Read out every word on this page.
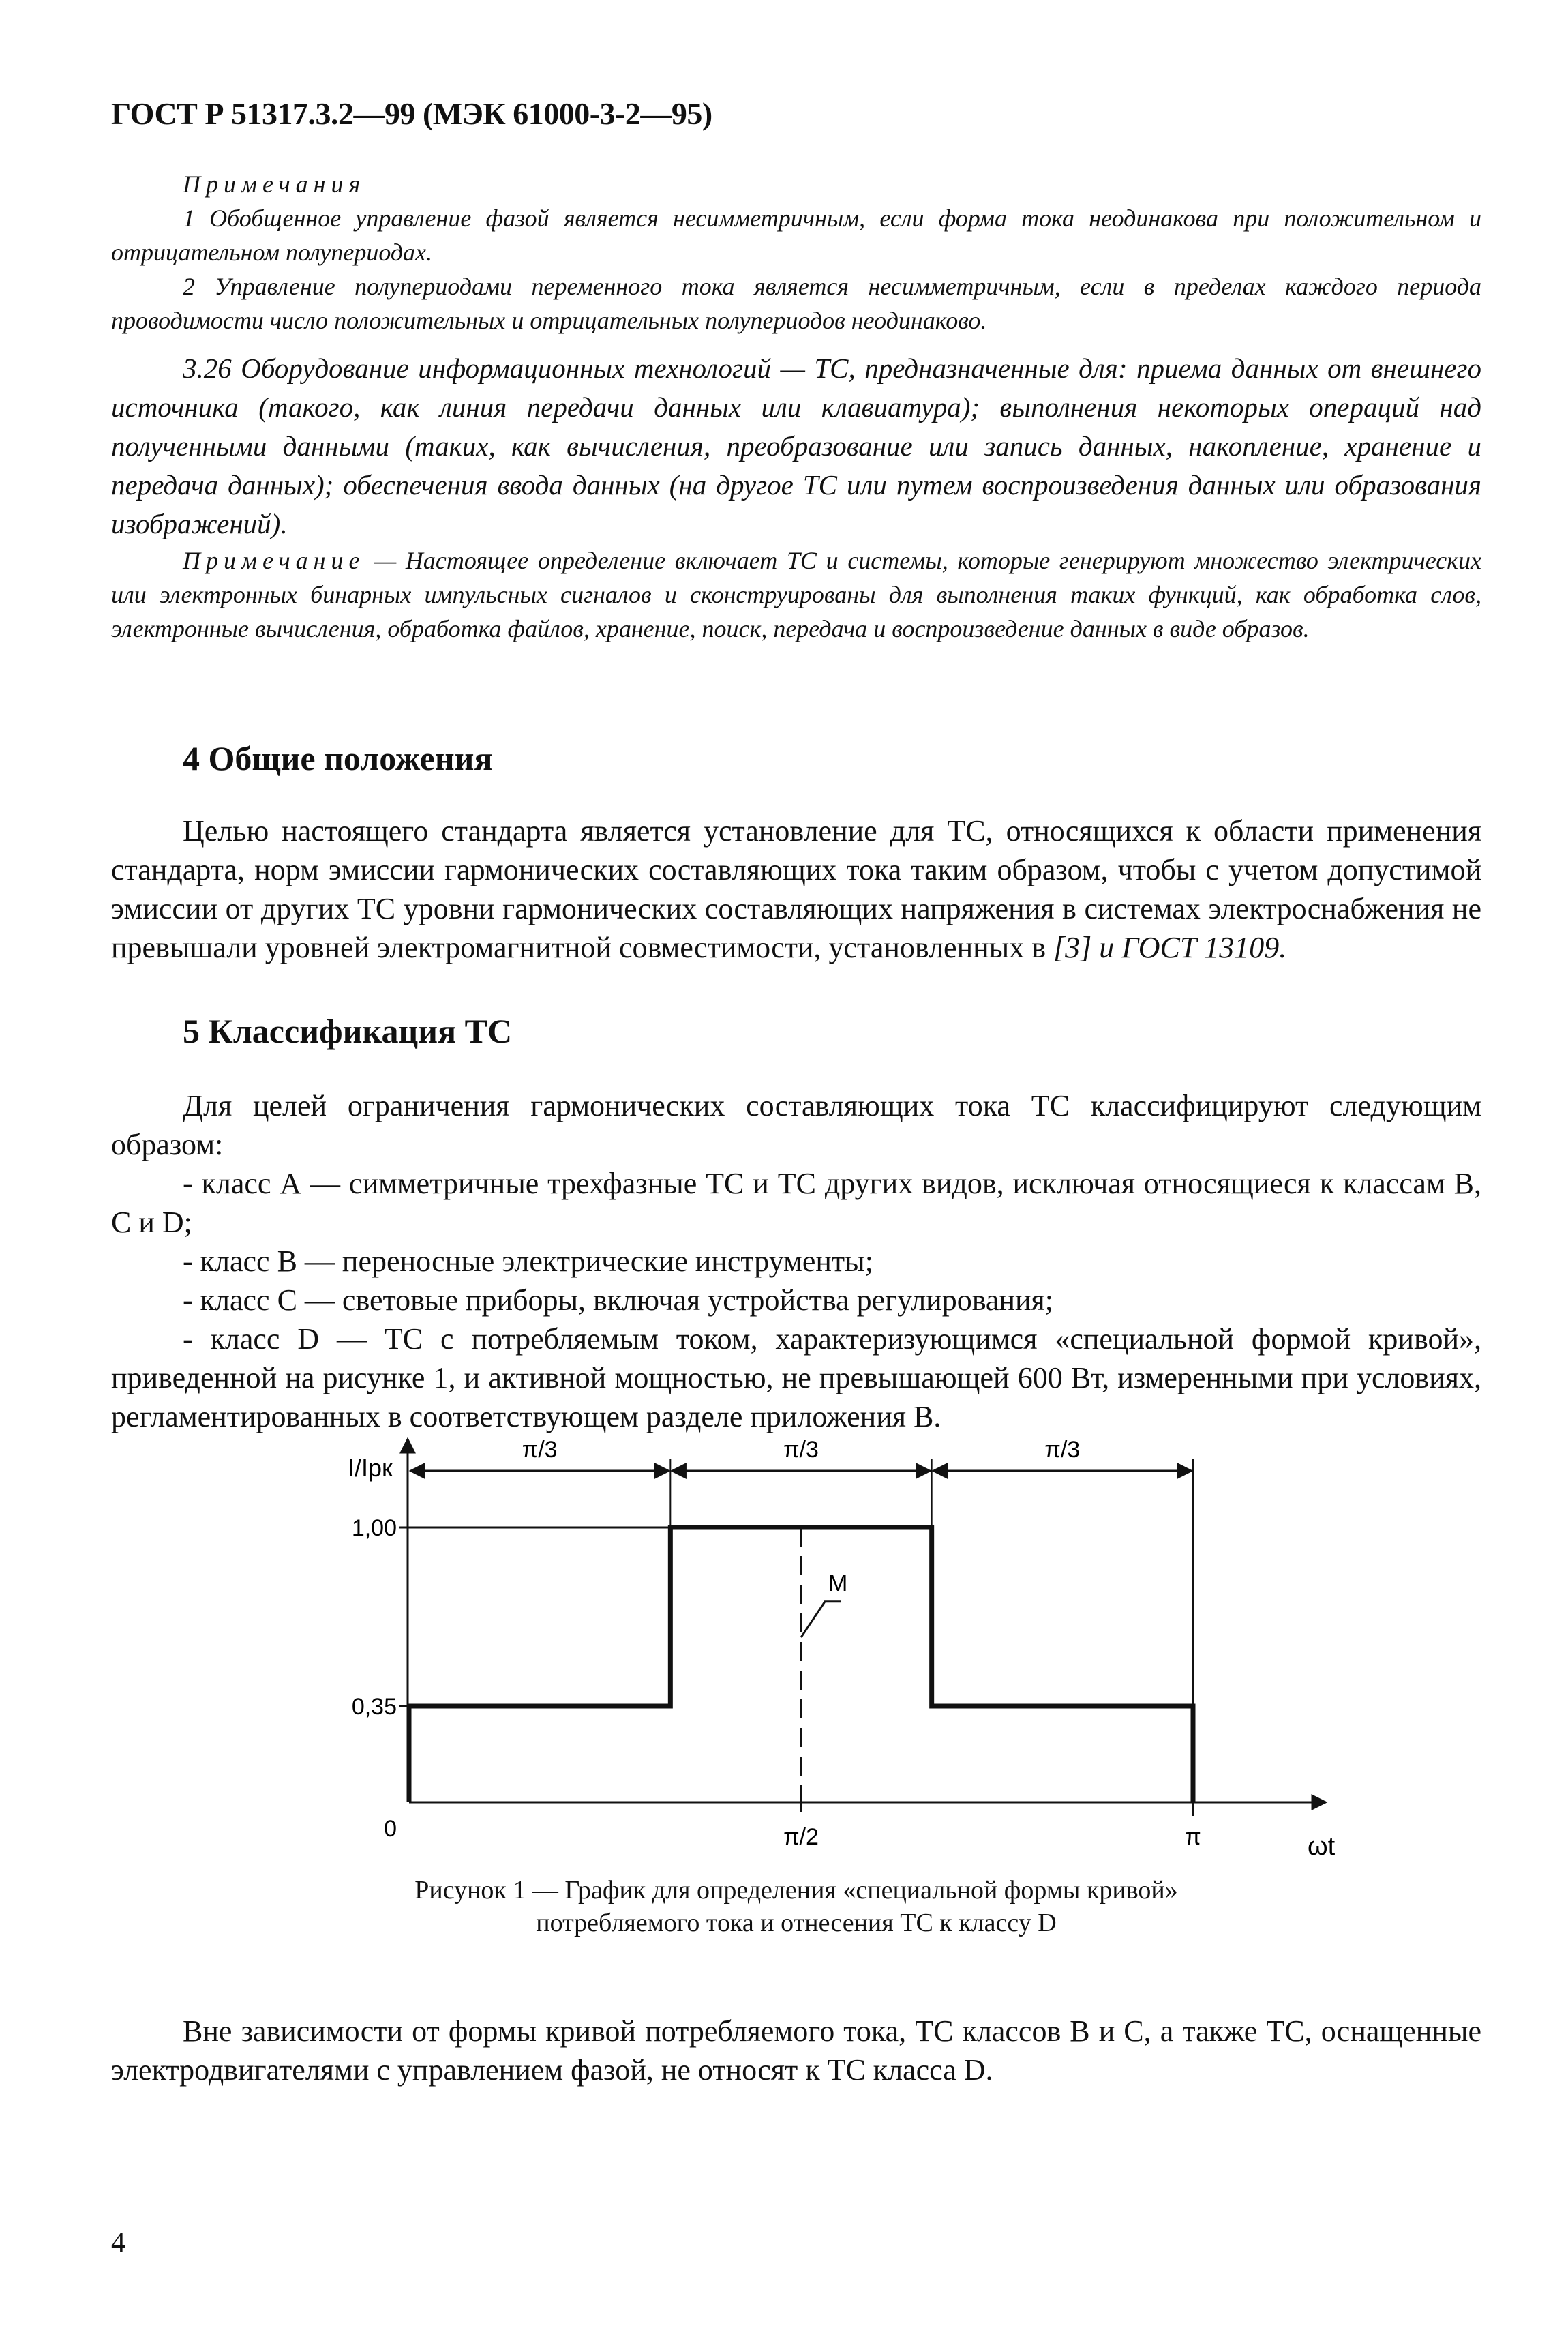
ГОСТ Р 51317.3.2—99 (МЭК 61000-3-2—95)

Примечания

1 Обобщенное управление фазой является несимметричным, если форма тока неодинакова при положительном и отрицательном полупериодах.

2 Управление полупериодами переменного тока является несимметричным, если в пределах каждого периода проводимости число положительных и отрицательных полупериодов неодинаково.

3.26 Оборудование информационных технологий — ТС, предназначенные для: приема данных от внешнего источника (такого, как линия передачи данных или клавиатура); выполнения некоторых операций над полученными данными (таких, как вычисления, преобразование или запись данных, накопление, хранение и передача данных); обеспечения ввода данных (на другое ТС или путем воспроизведения данных или образования изображений).

Примечание — Настоящее определение включает ТС и системы, которые генерируют множество электрических или электронных бинарных импульсных сигналов и сконструированы для выполнения таких функций, как обработка слов, электронные вычисления, обработка файлов, хранение, поиск, передача и воспроизведение данных в виде образов.

4 Общие положения

Целью настоящего стандарта является установление для ТС, относящихся к области применения стандарта, норм эмиссии гармонических составляющих тока таким образом, чтобы с учетом допустимой эмиссии от других ТС уровни гармонических составляющих напряжения в системах электроснабжения не превышали уровней электромагнитной совместимости, установленных в [3] и ГОСТ 13109.

5 Классификация ТС

Для целей ограничения гармонических составляющих тока ТС классифицируют следующим образом:

- класс А — симметричные трехфазные ТС и ТС других видов, исключая относящиеся к классам В, С и D;

- класс В — переносные электрические инструменты;

- класс С — световые приборы, включая устройства регулирования;

- класс D — ТС с потребляемым током, характеризующимся «специальной формой кривой», приведенной на рисунке 1, и активной мощностью, не превышающей 600 Вт, измеренными при условиях, регламентированных в соответствующем разделе приложения В.

π/3	π/3	π/3
0
0,35
1,00
π/2	π
M
I/Iрк
ωt
Рисунок 1 — График для определения «специальной формы кривой»
потребляемого тока и отнесения ТС к классу D

Вне зависимости от формы кривой потребляемого тока, ТС классов В и С, а также ТС, оснащенные электродвигателями с управлением фазой, не относят к ТС класса D.

4
